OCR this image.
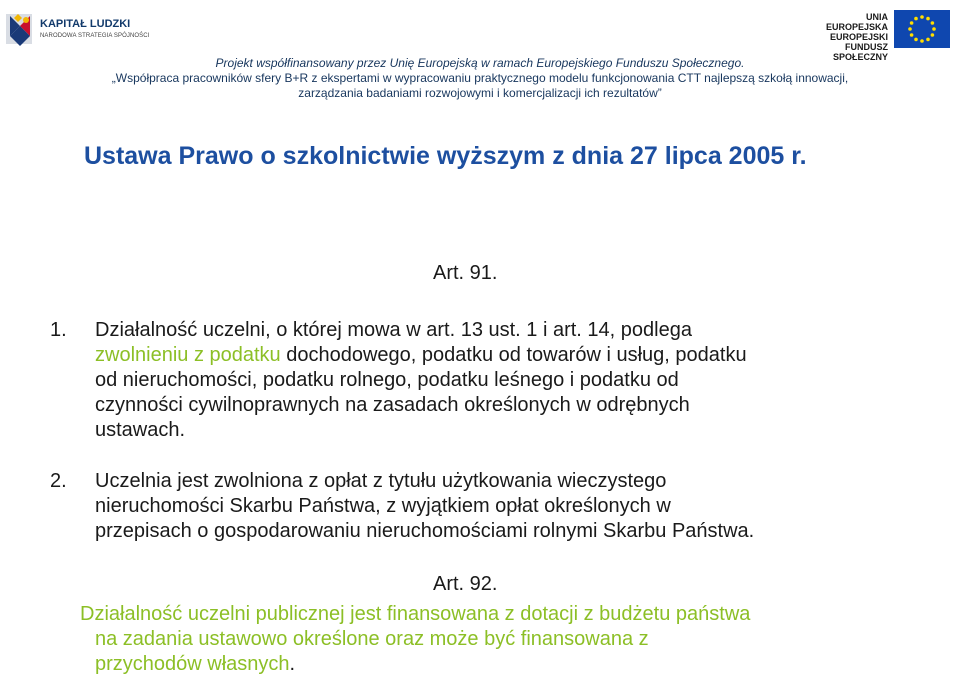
KAPITAŁ LUDZKI
NARODOWA STRATEGIA SPÓJNOŚCI
UNIA EUROPEJSKA
EUROPEJSKI
FUNDUSZ SPOŁECZNY
Projekt współfinansowany przez Unię Europejską w ramach Europejskiego Funduszu Społecznego.
„Współpraca pracowników sfery B+R z ekspertami w wypracowaniu praktycznego modelu funkcjonowania CTT najlepszą szkołą innowacji,
zarządzania badaniami rozwojowymi i komercjalizacji ich rezultatów”
Ustawa Prawo o szkolnictwie wyższym z dnia 27 lipca 2005 r.
Art. 91.
1. Działalność uczelni, o której mowa w art. 13 ust. 1 i art. 14, podlega
zwolnieniu z podatku dochodowego, podatku od towarów i usług, podatku
od nieruchomości, podatku rolnego, podatku leśnego i podatku od
czynności cywilnoprawnych na zasadach określonych w odrębnych
ustawach.
2. Uczelnia jest zwolniona z opłat z tytułu użytkowania wieczystego
nieruchomości Skarbu Państwa, z wyjątkiem opłat określonych w
przepisach o gospodarowaniu nieruchomościami rolnymi Skarbu Państwa.
Art. 92.
Działalność uczelni publicznej jest finansowana z dotacji z budżetu państwa
na zadania ustawowo określone oraz może być finansowana z
przychodów własnych.
